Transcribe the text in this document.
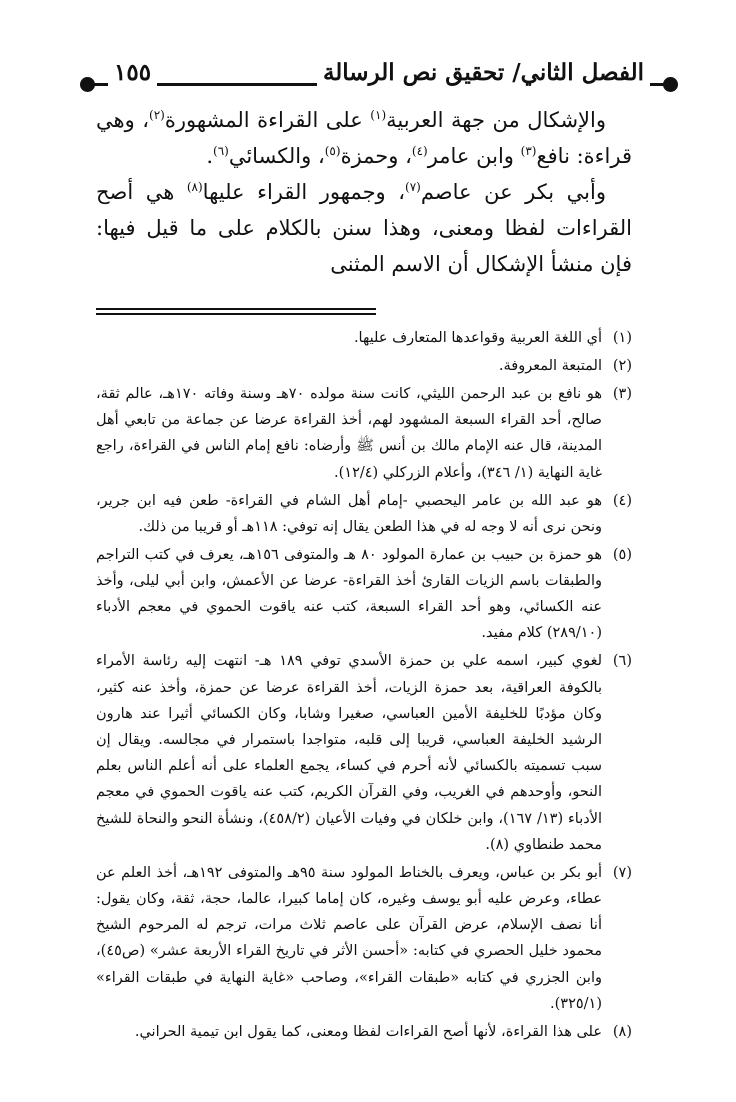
الفصل الثاني/ تحقيق نص الرسالة
١٥٥

والإشكال من جهة العربية$^{(١)}$ على القراءة المشهورة$^{(٢)}$، وهي قراءة: نافع$^{(٣)}$ وابن عامر$^{(٤)}$، وحمزة$^{(٥)}$، والكسائي$^{(٦)}$.

وأبي بكر عن عاصم$^{(٧)}$، وجمهور القراء عليها$^{(٨)}$ هي أصح القراءات لفظا ومعنى، وهذا سنن بالكلام على ما قيل فيها: فإن منشأ الإشكال أن الاسم المثنى

(١)
أي اللغة العربية وقواعدها المتعارف عليها.
(٢)
المتبعة المعروفة.
(٣)
هو نافع بن عبد الرحمن الليثي، كانت سنة مولده ٧٠هـ وسنة وفاته ١٧٠هـ، عالم ثقة، صالح، أحد القراء السبعة المشهود لهم، أخذ القراءة عرضا عن جماعة من تابعي أهل المدينة، قال عنه الإمام مالك بن أنس ﷺ وأرضاه: نافع إمام الناس في القراءة، راجع غاية النهاية (١/ ٣٤٦)، وأعلام الزركلي (١٢/٤).
(٤)
هو عبد الله بن عامر اليحصبي -إمام أهل الشام في القراءة- طعن فيه ابن جرير، ونحن نرى أنه لا وجه له في هذا الطعن يقال إنه توفي: ١١٨هـ أو قريبا من ذلك.
(٥)
هو حمزة بن حبيب بن عمارة المولود ٨٠ هـ والمتوفى ١٥٦هـ، يعرف في كتب التراجم والطبقات باسم الزيات القارئ أخذ القراءة- عرضا عن الأعمش، وابن أبي ليلى، وأخذ عنه الكسائي، وهو أحد القراء السبعة، كتب عنه ياقوت الحموي في معجم الأدباء (٢٨٩/١٠) كلام مفيد.
(٦)
لغوي كبير، اسمه علي بن حمزة الأسدي توفي ١٨٩ هـ- انتهت إليه رئاسة الأمراء بالكوفة العراقية، بعد حمزة الزيات، أخذ القراءة عرضا عن حمزة، وأخذ عنه كثير، وكان مؤدبًا للخليفة الأمين العباسي، صغيرا وشابا، وكان الكسائي أثيرا عند هارون الرشيد الخليفة العباسي، قريبا إلى قلبه، متواجدا باستمرار في مجالسه. ويقال إن سبب تسميته بالكسائي لأنه أحرم في كساء، يجمع العلماء على أنه أعلم الناس بعلم النحو، وأوحدهم في الغريب، وفي القرآن الكريم، كتب عنه ياقوت الحموي في معجم الأدباء (١٣/ ١٦٧)، وابن خلكان في وفيات الأعيان (٤٥٨/٢)، ونشأة النحو والنحاة للشيخ محمد طنطاوي (٨).
(٧)
أبو بكر بن عباس، ويعرف بالخناط المولود سنة ٩٥هـ والمتوفى ١٩٢هـ، أخذ العلم عن عطاء، وعرض عليه أبو يوسف وغيره، كان إماما كبيرا، عالما، حجة، ثقة، وكان يقول: أنا نصف الإسلام، عرض القرآن على عاصم ثلاث مرات، ترجم له المرحوم الشيخ محمود خليل الحصري في كتابه: «أحسن الأثر في تاريخ القراء الأربعة عشر» (ص٤٥)، وابن الجزري في كتابه «طبقات القراء»، وصاحب «غاية النهاية في طبقات القراء» (٣٢٥/١).
(٨)
على هذا القراءة، لأنها أصح القراءات لفظا ومعنى، كما يقول ابن تيمية الحراني.
